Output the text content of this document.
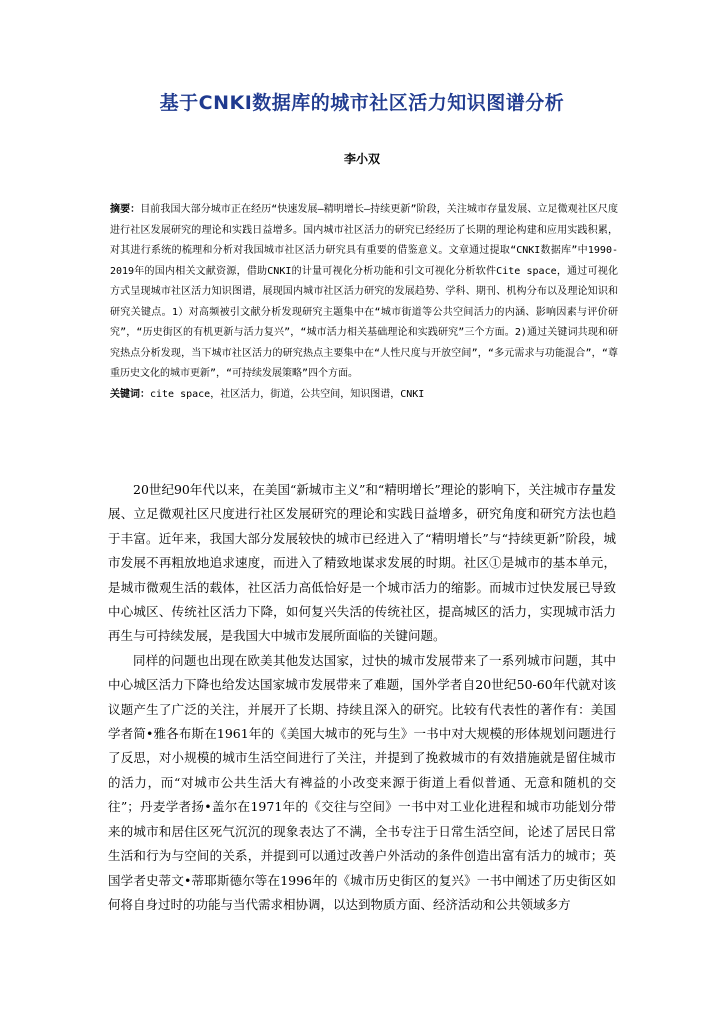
基于CNKI数据库的城市社区活力知识图谱分析
李小双

摘要：目前我国大部分城市正在经历“快速发展—精明增长—持续更新”阶段，关注城市存量发展、立足微观社区尺度进行社区发展研究的理论和实践日益增多。国内城市社区活力的研究已经经历了长期的理论构建和应用实践积累，对其进行系统的梳理和分析对我国城市社区活力研究具有重要的借鉴意义。文章通过提取“CNKI数据库”中1990-2019年的国内相关文献资源，借助CNKI的计量可视化分析功能和引文可视化分析软件Cite space，通过可视化方式呈现城市社区活力知识图谱，展现国内城市社区活力研究的发展趋势、学科、期刊、机构分布以及理论知识和研究关键点。1）对高频被引文献分析发现研究主题集中在“城市街道等公共空间活力的内涵、影响因素与评价研究”，“历史街区的有机更新与活力复兴”，“城市活力相关基础理论和实践研究”三个方面。2)通过关键词共现和研究热点分析发现，当下城市社区活力的研究热点主要集中在“人性尺度与开放空间”，“多元需求与功能混合”，“尊重历史文化的城市更新”，“可持续发展策略”四个方面。

关键词：cite space，社区活力，街道，公共空间，知识图谱，CNKI

20世纪90年代以来，在美国“新城市主义”和“精明增长”理论的影响下，关注城市存量发展、立足微观社区尺度进行社区发展研究的理论和实践日益增多，研究角度和研究方法也趋于丰富。近年来，我国大部分发展较快的城市已经进入了“精明增长”与“持续更新”阶段，城市发展不再粗放地追求速度，而进入了精致地谋求发展的时期。社区①是城市的基本单元，是城市微观生活的载体，社区活力高低恰好是一个城市活力的缩影。而城市过快发展已导致中心城区、传统社区活力下降，如何复兴失活的传统社区，提高城区的活力，实现城市活力再生与可持续发展，是我国大中城市发展所面临的关键问题。

同样的问题也出现在欧美其他发达国家，过快的城市发展带来了一系列城市问题，其中中心城区活力下降也给发达国家城市发展带来了难题，国外学者自20世纪50-60年代就对该议题产生了广泛的关注，并展开了长期、持续且深入的研究。比较有代表性的著作有：美国学者简•雅各布斯在1961年的《美国大城市的死与生》一书中对大规模的形体规划问题进行了反思，对小规模的城市生活空间进行了关注，并提到了挽救城市的有效措施就是留住城市的活力，而“对城市公共生活大有裨益的小改变来源于街道上看似普通、无意和随机的交往”；丹麦学者扬•盖尔在1971年的《交往与空间》一书中对工业化进程和城市功能划分带来的城市和居住区死气沉沉的现象表达了不满，全书专注于日常生活空间，论述了居民日常生活和行为与空间的关系，并提到可以通过改善户外活动的条件创造出富有活力的城市；英国学者史蒂文•蒂耶斯德尔等在1996年的《城市历史街区的复兴》一书中阐述了历史街区如何将自身过时的功能与当代需求相协调，以达到物质方面、经济活动和公共领域多方
